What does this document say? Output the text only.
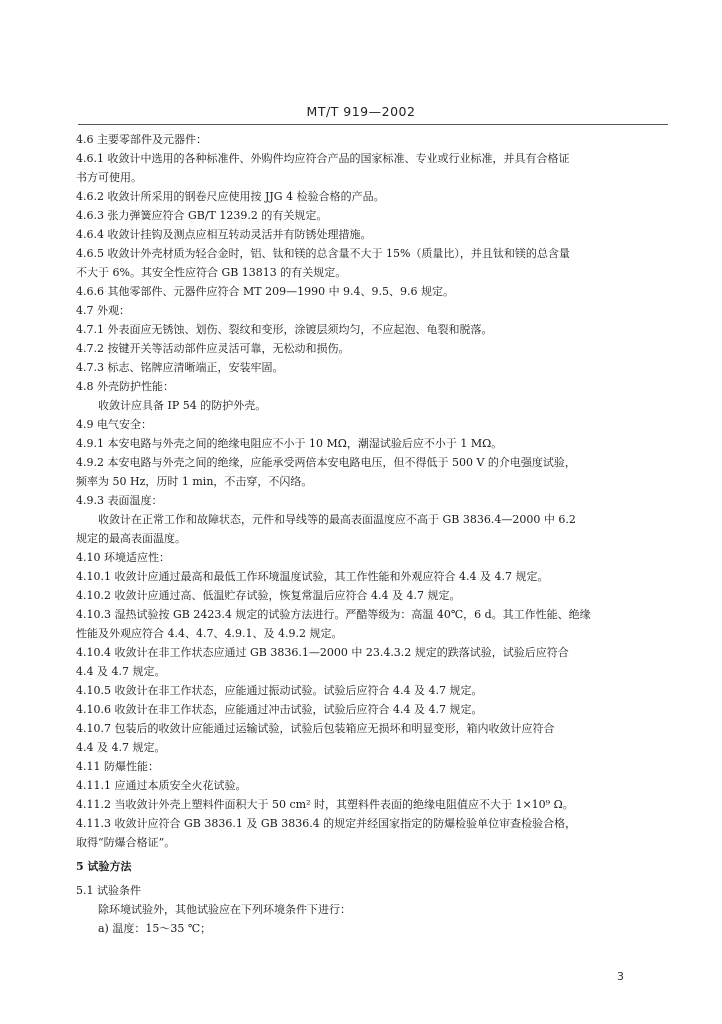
MT/T 919—2002
4.6 主要零部件及元器件：
4.6.1 收敛计中选用的各种标准件、外购件均应符合产品的国家标准、专业或行业标准，并具有合格证
书方可使用。
4.6.2 收敛计所采用的钢卷尺应使用按 JJG 4 检验合格的产品。
4.6.3 张力弹簧应符合 GB/T 1239.2 的有关规定。
4.6.4 收敛计挂钩及测点应相互转动灵活并有防锈处理措施。
4.6.5 收敛计外壳材质为轻合金时，铝、钛和镁的总含量不大于 15%（质量比），并且钛和镁的总含量
不大于 6%。其安全性应符合 GB 13813 的有关规定。
4.6.6 其他零部件、元器件应符合 MT 209—1990 中 9.4、9.5、9.6 规定。
4.7 外观：
4.7.1 外表面应无锈蚀、划伤、裂纹和变形，涂镀层须均匀，不应起泡、龟裂和脱落。
4.7.2 按键开关等活动部件应灵活可靠，无松动和损伤。
4.7.3 标志、铭牌应清晰端正，安装牢固。
4.8 外壳防护性能：
收敛计应具备 IP 54 的防护外壳。
4.9 电气安全：
4.9.1 本安电路与外壳之间的绝缘电阻应不小于 10 MΩ，潮湿试验后应不小于 1 MΩ。
4.9.2 本安电路与外壳之间的绝缘，应能承受两倍本安电路电压，但不得低于 500 V 的介电强度试验，
频率为 50 Hz，历时 1 min，不击穿，不闪络。
4.9.3 表面温度：
收敛计在正常工作和故障状态，元件和导线等的最高表面温度应不高于 GB 3836.4—2000 中 6.2
规定的最高表面温度。
4.10 环境适应性：
4.10.1 收敛计应通过最高和最低工作环境温度试验，其工作性能和外观应符合 4.4 及 4.7 规定。
4.10.2 收敛计应通过高、低温贮存试验，恢复常温后应符合 4.4 及 4.7 规定。
4.10.3 湿热试验按 GB 2423.4 规定的试验方法进行。严酷等级为：高温 40℃，6 d。其工作性能、绝缘
性能及外观应符合 4.4、4.7、4.9.1、及 4.9.2 规定。
4.10.4 收敛计在非工作状态应通过 GB 3836.1—2000 中 23.4.3.2 规定的跌落试验，试验后应符合
4.4 及 4.7 规定。
4.10.5 收敛计在非工作状态，应能通过振动试验。试验后应符合 4.4 及 4.7 规定。
4.10.6 收敛计在非工作状态，应能通过冲击试验，试验后应符合 4.4 及 4.7 规定。
4.10.7 包装后的收敛计应能通过运输试验，试验后包装箱应无损坏和明显变形，箱内收敛计应符合
4.4 及 4.7 规定。
4.11 防爆性能：
4.11.1 应通过本质安全火花试验。
4.11.2 当收敛计外壳上塑料件面积大于 50 cm² 时，其塑料件表面的绝缘电阻值应不大于 1×10⁹ Ω。
4.11.3 收敛计应符合 GB 3836.1 及 GB 3836.4 的规定并经国家指定的防爆检验单位审查检验合格，
取得“防爆合格证”。
5 试验方法
5.1 试验条件
除环境试验外，其他试验应在下列环境条件下进行：
a) 温度：15～35 ℃；
3
